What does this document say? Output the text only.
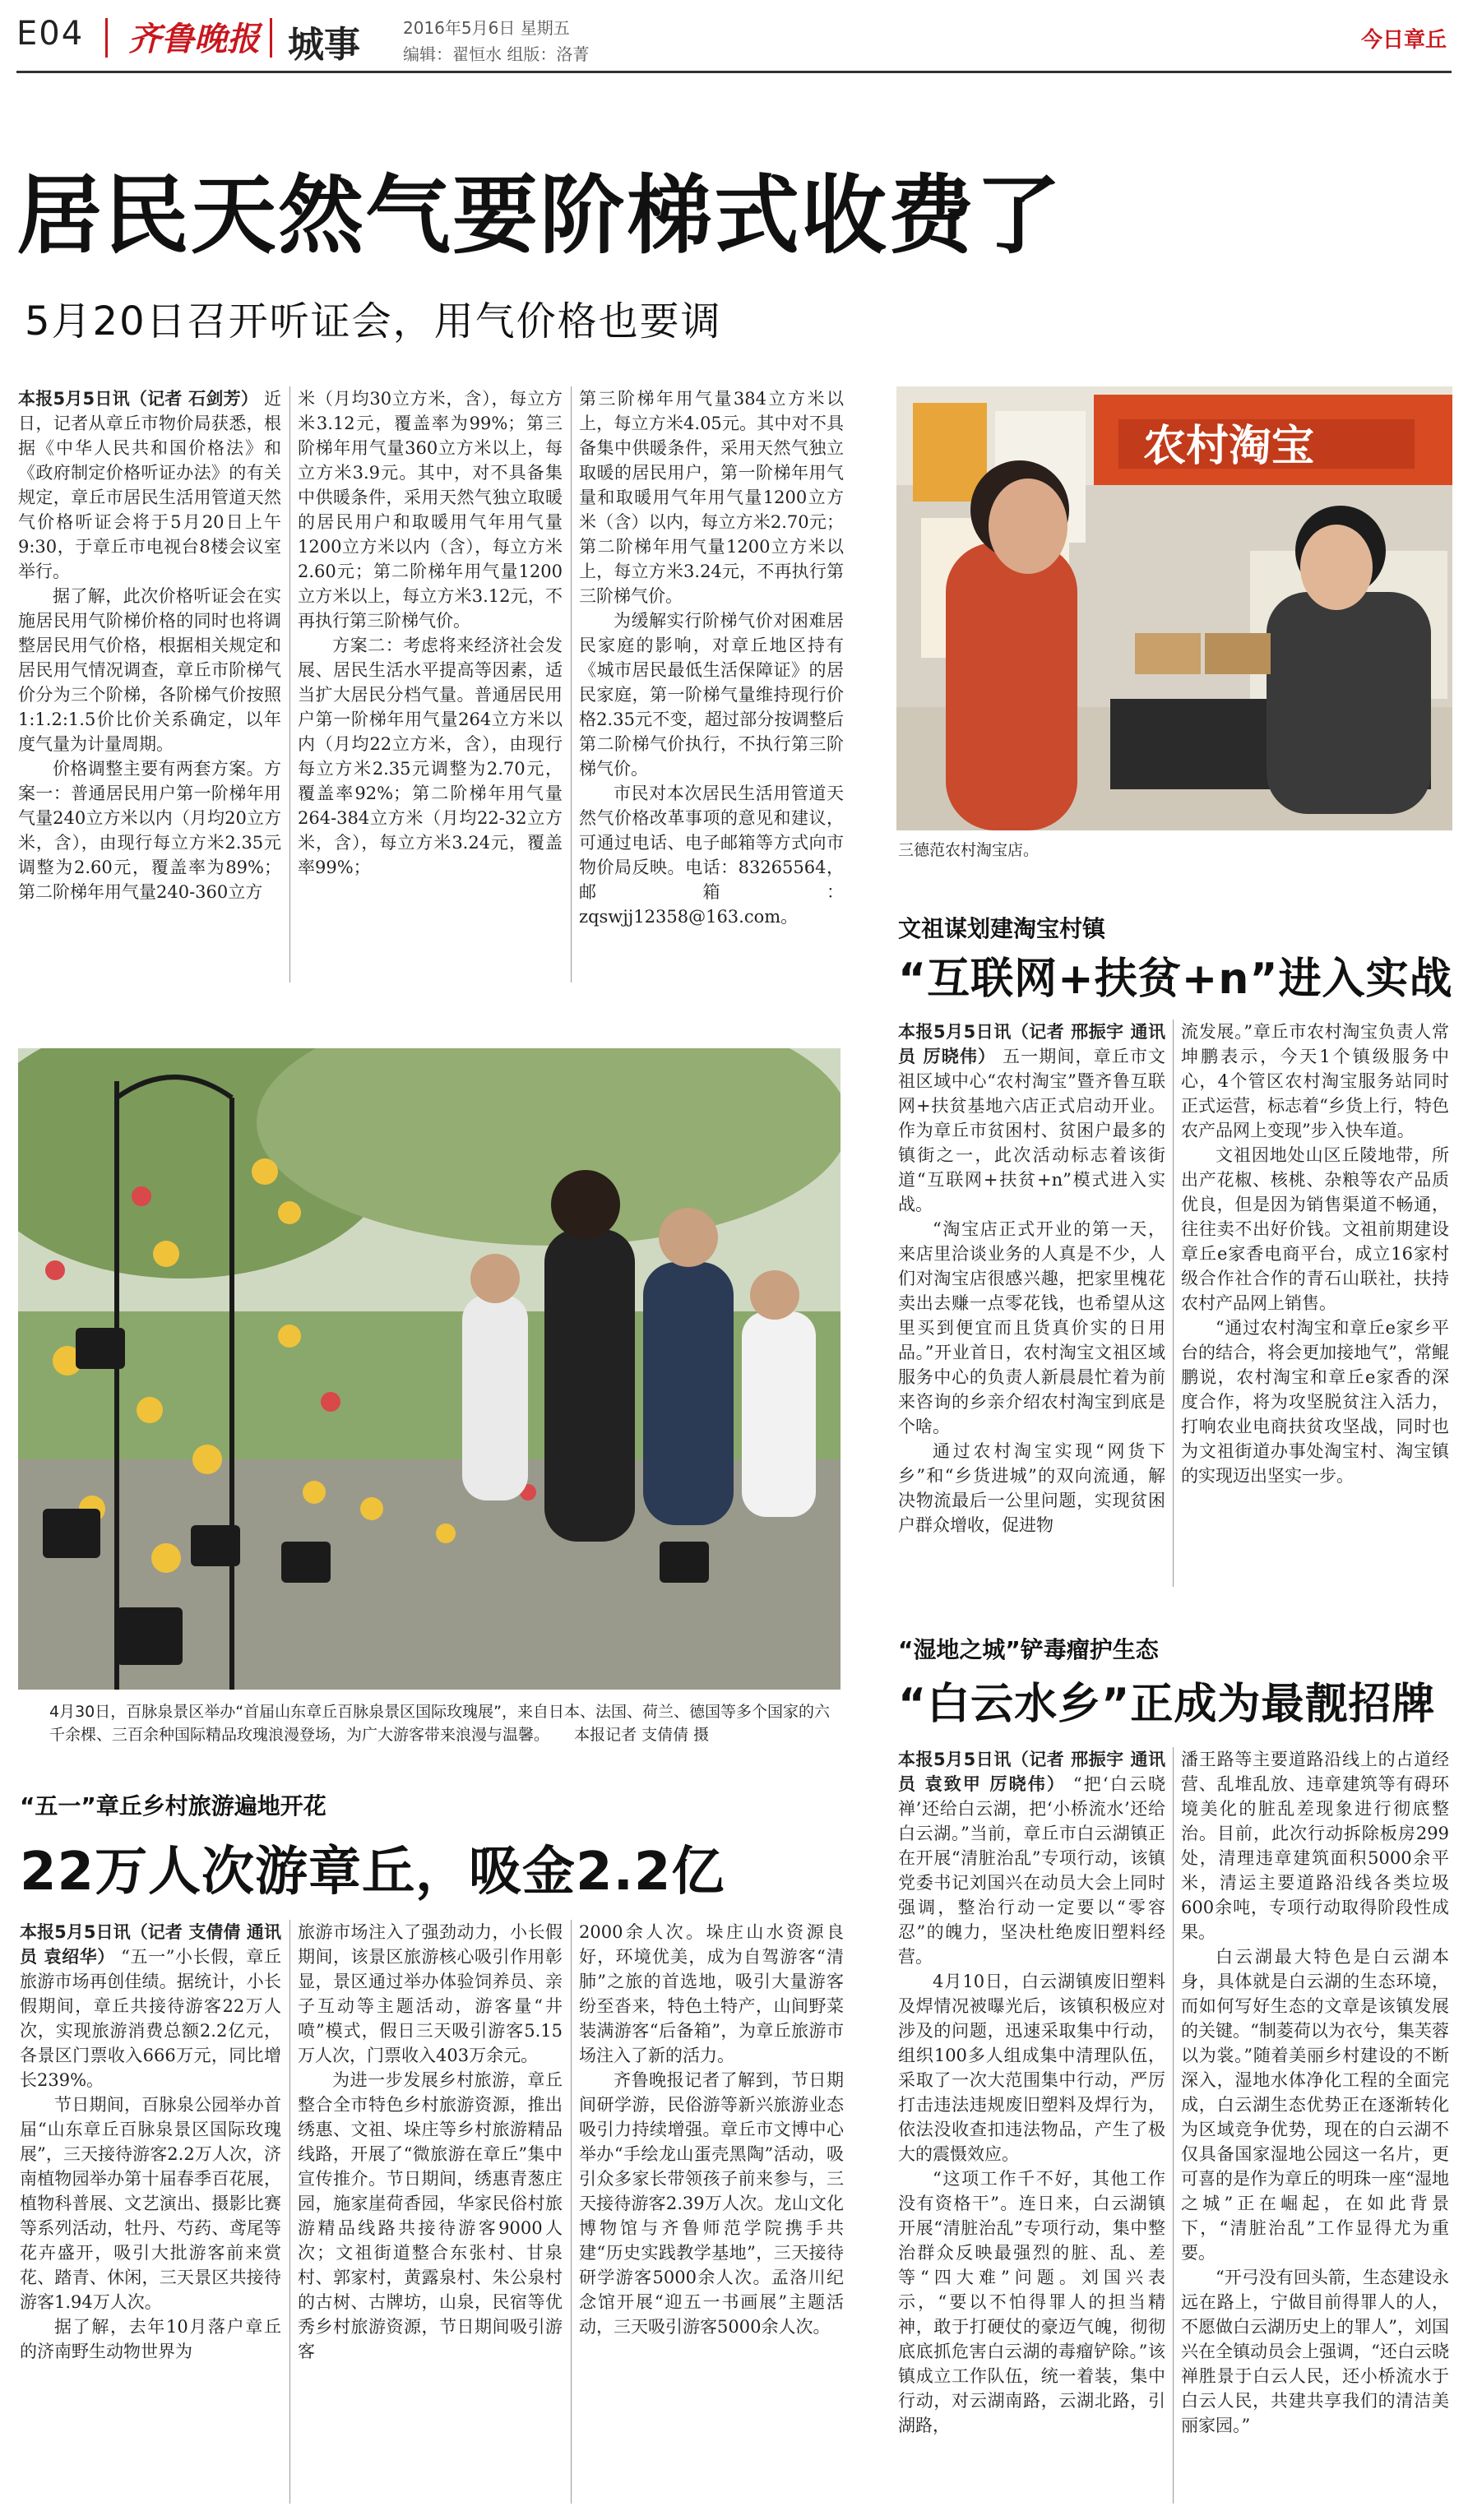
E04 齐鲁晚报 城事	2016年5月6日 星期五
编辑：翟恒水 组版：洛菁
今日章丘
居民天然气要阶梯式收费了
5月20日召开听证会，用气价格也要调

本报5月5日讯（记者 石剑芳） 近日，记者从章丘市物价局获悉，根据《中华人民共和国价格法》和《政府制定价格听证办法》的有关规定，章丘市居民生活用管道天然气价格听证会将于5月20日上午9:30，于章丘市电视台8楼会议室举行。

据了解，此次价格听证会在实施居民用气阶梯价格的同时也将调整居民用气价格，根据相关规定和居民用气情况调查，章丘市阶梯气价分为三个阶梯，各阶梯气价按照1:1.2:1.5价比价关系确定，以年度气量为计量周期。

价格调整主要有两套方案。方案一：普通居民用户第一阶梯年用气量240立方米以内（月均20立方米，含），由现行每立方米2.35元调整为2.60元，覆盖率为89%；第二阶梯年用气量240-360立方

米（月均30立方米，含），每立方米3.12元，覆盖率为99%；第三阶梯年用气量360立方米以上，每立方米3.9元。其中，对不具备集中供暖条件，采用天然气独立取暖的居民用户和取暖用气年用气量1200立方米以内（含），每立方米2.60元；第二阶梯年用气量1200立方米以上，每立方米3.12元，不再执行第三阶梯气价。

方案二：考虑将来经济社会发展、居民生活水平提高等因素，适当扩大居民分档气量。普通居民用户第一阶梯年用气量264立方米以内（月均22立方米，含），由现行每立方米2.35元调整为2.70元，覆盖率92%；第二阶梯年用气量264-384立方米（月均22-32立方米，含），每立方米3.24元，覆盖率99%；

第三阶梯年用气量384立方米以上，每立方米4.05元。其中对不具备集中供暖条件，采用天然气独立取暖的居民用户，第一阶梯年用气量和取暖用气年用气量1200立方米（含）以内，每立方米2.70元；第二阶梯年用气量1200立方米以上，每立方米3.24元，不再执行第三阶梯气价。

为缓解实行阶梯气价对困难居民家庭的影响，对章丘地区持有《城市居民最低生活保障证》的居民家庭，第一阶梯气量维持现行价格2.35元不变，超过部分按调整后第二阶梯气价执行，不执行第三阶梯气价。

市民对本次居民生活用管道天然气价格改革事项的意见和建议，可通过电话、电子邮箱等方式向市物价局反映。电话：83265564，邮箱：zqswjj12358@163.com。

农村淘宝
三德范农村淘宝店。
文祖谋划建淘宝村镇
“互联网+扶贫+n”进入实战

本报5月5日讯（记者 邢振宇 通讯员 厉晓伟） 五一期间，章丘市文祖区域中心“农村淘宝”暨齐鲁互联网+扶贫基地六店正式启动开业。作为章丘市贫困村、贫困户最多的镇街之一，此次活动标志着该街道“互联网+扶贫+n”模式进入实战。

“淘宝店正式开业的第一天，来店里洽谈业务的人真是不少，人们对淘宝店很感兴趣，把家里槐花卖出去赚一点零花钱，也希望从这里买到便宜而且货真价实的日用品。”开业首日，农村淘宝文祖区域服务中心的负责人新晨晨忙着为前来咨询的乡亲介绍农村淘宝到底是个啥。

通过农村淘宝实现“网货下乡”和“乡货进城”的双向流通，解决物流最后一公里问题，实现贫困户群众增收，促进物

流发展。”章丘市农村淘宝负责人常坤鹏表示，今天1个镇级服务中心，4个管区农村淘宝服务站同时正式运营，标志着“乡货上行，特色农产品网上变现”步入快车道。

文祖因地处山区丘陵地带，所出产花椒、核桃、杂粮等农产品质优良，但是因为销售渠道不畅通，往往卖不出好价钱。文祖前期建设章丘e家香电商平台，成立16家村级合作社合作的青石山联社，扶持农村产品网上销售。

“通过农村淘宝和章丘e家乡平台的结合，将会更加接地气”，常鲲鹏说，农村淘宝和章丘e家香的深度合作，将为攻坚脱贫注入活力，打响农业电商扶贫攻坚战，同时也为文祖街道办事处淘宝村、淘宝镇的实现迈出坚实一步。

4月30日，百脉泉景区举办“首届山东章丘百脉泉景区国际玫瑰展”，来自日本、法国、荷兰、德国等多个国家的六千余棵、三百余种国际精品玫瑰浪漫登场，为广大游客带来浪漫与温馨。 本报记者 支倩倩 摄
“五一”章丘乡村旅游遍地开花
22万人次游章丘，吸金2.2亿

本报5月5日讯（记者 支倩倩 通讯员 袁绍华） “五一”小长假，章丘旅游市场再创佳绩。据统计，小长假期间，章丘共接待游客22万人次，实现旅游消费总额2.2亿元，各景区门票收入666万元，同比增长239%。

节日期间，百脉泉公园举办首届“山东章丘百脉泉景区国际玫瑰展”，三天接待游客2.2万人次，济南植物园举办第十届春季百花展，植物科普展、文艺演出、摄影比赛等系列活动，牡丹、芍药、鸢尾等花卉盛开，吸引大批游客前来赏花、踏青、休闲，三天景区共接待游客1.94万人次。

据了解，去年10月落户章丘的济南野生动物世界为

旅游市场注入了强劲动力，小长假期间，该景区旅游核心吸引作用彰显，景区通过举办体验饲养员、亲子互动等主题活动，游客量“井喷”模式，假日三天吸引游客5.15万人次，门票收入403万余元。

为进一步发展乡村旅游，章丘整合全市特色乡村旅游资源，推出绣惠、文祖、垛庄等乡村旅游精品线路，开展了“微旅游在章丘”集中宣传推介。节日期间，绣惠青葱庄园，施家崖荷香园，华家民俗村旅游精品线路共接待游客9000人次；文祖街道整合东张村、甘泉村、郭家村，黄露泉村、朱公泉村的古树、古牌坊，山泉，民宿等优秀乡村旅游资源，节日期间吸引游客

2000余人次。垛庄山水资源良好，环境优美，成为自驾游客“清肺”之旅的首选地，吸引大量游客纷至沓来，特色土特产，山间野菜装满游客“后备箱”，为章丘旅游市场注入了新的活力。

齐鲁晚报记者了解到，节日期间研学游，民俗游等新兴旅游业态吸引力持续增强。章丘市文博中心举办“手绘龙山蛋壳黑陶”活动，吸引众多家长带领孩子前来参与，三天接待游客2.39万人次。龙山文化博物馆与齐鲁师范学院携手共建“历史实践教学基地”，三天接待研学游客5000余人次。孟洛川纪念馆开展“迎五一书画展”主题活动，三天吸引游客5000余人次。

“湿地之城”铲毒瘤护生态
“白云水乡”正成为最靓招牌

本报5月5日讯（记者 邢振宇 通讯员 袁致甲 厉晓伟） “把‘白云晓禅’还给白云湖，把‘小桥流水’还给白云湖。”当前，章丘市白云湖镇正在开展“清脏治乱”专项行动，该镇党委书记刘国兴在动员大会上同时强调，整治行动一定要以“零容忍”的魄力，坚决杜绝废旧塑料经营。

4月10日，白云湖镇废旧塑料及焊情况被曝光后，该镇积极应对涉及的问题，迅速采取集中行动，组织100多人组成集中清理队伍，采取了一次大范围集中行动，严厉打击违法违规废旧塑料及焊行为，依法没收查扣违法物品，产生了极大的震慑效应。

“这项工作千不好，其他工作没有资格干”。连日来，白云湖镇开展“清脏治乱”专项行动，集中整治群众反映最强烈的脏、乱、差等“四大难”问题。刘国兴表示，“要以不怕得罪人的担当精神，敢于打硬仗的豪迈气魄，彻彻底底抓危害白云湖的毒瘤铲除。”该镇成立工作队伍，统一着装，集中行动，对云湖南路，云湖北路，引湖路，

潘王路等主要道路沿线上的占道经营、乱堆乱放、违章建筑等有碍环境美化的脏乱差现象进行彻底整治。目前，此次行动拆除板房299处，清理违章建筑面积5000余平米，清运主要道路沿线各类垃圾600余吨，专项行动取得阶段性成果。

白云湖最大特色是白云湖本身，具体就是白云湖的生态环境，而如何写好生态的文章是该镇发展的关键。“制菱荷以为衣兮，集芙蓉以为裳。”随着美丽乡村建设的不断深入，湿地水体净化工程的全面完成，白云湖生态优势正在逐渐转化为区域竞争优势，现在的白云湖不仅具备国家湿地公园这一名片，更可喜的是作为章丘的明珠一座“湿地之城”正在崛起，在如此背景下，“清脏治乱”工作显得尤为重要。

“开弓没有回头箭，生态建设永远在路上，宁做目前得罪人的人，不愿做白云湖历史上的罪人”，刘国兴在全镇动员会上强调，“还白云晓禅胜景于白云人民，还小桥流水于白云人民，共建共享我们的清洁美丽家园。”
